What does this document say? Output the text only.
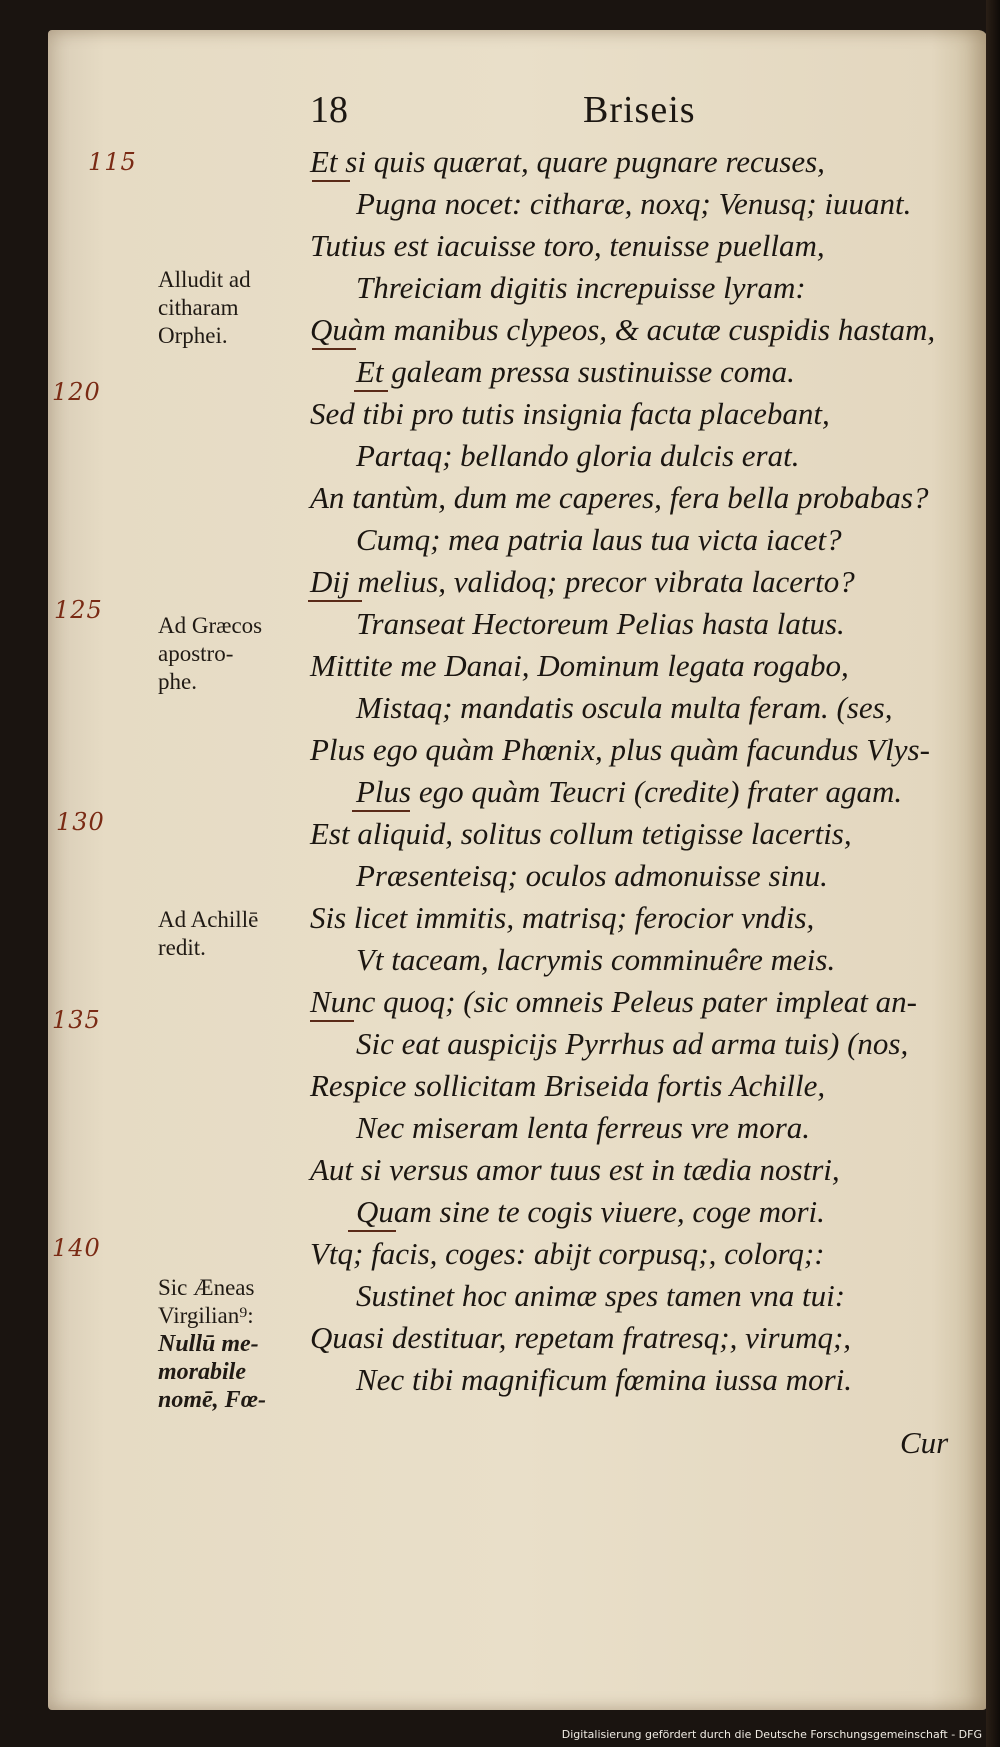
18	Briseis
Et si quis quærat, quare pugnare recuses,
Pugna nocet: citharæ, noxq; Venusq; iuuant.
Tutius est iacuisse toro, tenuisse puellam,
Threiciam digitis increpuisse lyram:
Quàm manibus clypeos, & acutæ cuspidis hastam,
Et galeam pressa sustinuisse coma.
Sed tibi pro tutis insignia facta placebant,
Partaq; bellando gloria dulcis erat.
An tantùm, dum me caperes, fera bella probabas?
Cumq; mea patria laus tua victa iacet?
Dij melius, validoq; precor vibrata lacerto?
Transeat Hectoreum Pelias hasta latus.
Mittite me Danai, Dominum legata rogabo,
Mistaq; mandatis oscula multa feram. (ses,
Plus ego quàm Phœnix, plus quàm facundus Vlys-
Plus ego quàm Teucri (credite) frater agam.
Est aliquid, solitus collum tetigisse lacertis,
Præsenteisq; oculos admonuisse sinu.
Sis licet immitis, matrisq; ferocior vndis,
Vt taceam, lacrymis comminuêre meis.
Nunc quoq; (sic omneis Peleus pater impleat an-
Sic eat auspicijs Pyrrhus ad arma tuis) (nos,
Respice sollicitam Briseida fortis Achille,
Nec miseram lenta ferreus vre mora.
Aut si versus amor tuus est in tædia nostri,
Quam sine te cogis viuere, coge mori.
Vtq; facis, coges: abijt corpusq;, colorq;:
Sustinet hoc animæ spes tamen vna tui:
Quasi destituar, repetam fratresq;, virumq;,
Nec tibi magnificum fœmina iussa mori.
Cur
Alludit ad
citharam
Orphei.
Ad Græcos
apostro-
phe.
Ad Achillē
redit.
Sic Æneas
Virgilian⁹:
Nullū me-
morabile
nomē, Fœ-
115
120
125
130
135
140
Digitalisierung gefördert durch die Deutsche Forschungsgemeinschaft - DFG
